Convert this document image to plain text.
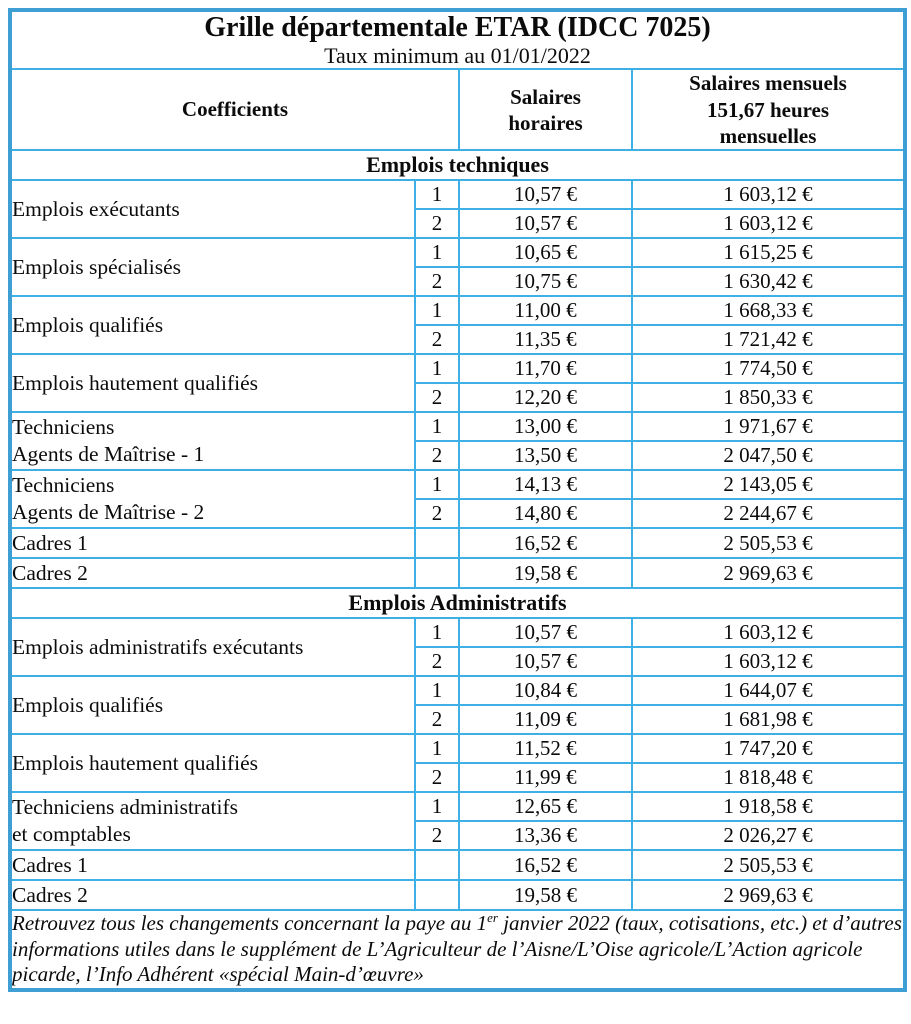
Grille départementale ETAR (IDCC 7025)
Taux minimum au 01/01/2022			

Coefficients		Salaires horaires	Salaires mensuels 151,67 heures mensuelles
Emplois techniques			

Emplois exécutants	1	10,57 €	1 603,12 €
	2	10,57 €	1 603,12 €

Emplois spécialisés	1	10,65 €	1 615,25 €
	2	10,75 €	1 630,42 €

Emplois qualifiés	1	11,00 €	1 668,33 €
	2	11,35 €	1 721,42 €

Emplois hautement qualifiés	1	11,70 €	1 774,50 €
	2	12,20 €	1 850,33 €

Techniciens
Agents de Maîtrise - 1	1	13,00 €	1 971,67 €
	2	13,50 €	2 047,50 €

Techniciens
Agents de Maîtrise - 2	1	14,13 €	2 143,05 €
	2	14,80 €	2 244,67 €

Cadres 1		16,52 €	2 505,53 €

Cadres 2		19,58 €	2 969,63 €
Emplois Administratifs			

Emplois administratifs exécutants	1	10,57 €	1 603,12 €
	2	10,57 €	1 603,12 €

Emplois qualifiés	1	10,84 €	1 644,07 €
	2	11,09 €	1 681,98 €

Emplois hautement qualifiés	1	11,52 €	1 747,20 €
	2	11,99 €	1 818,48 €

Techniciens administratifs
et comptables	1	12,65 €	1 918,58 €
	2	13,36 €	2 026,27 €

Cadres 1		16,52 €	2 505,53 €

Cadres 2		19,58 €	2 969,63 €
Retrouvez tous les changements concernant la paye au 1er janvier 2022 (taux, cotisations, etc.) et d’autres informations utiles dans le supplément de L’Agriculteur de l’Aisne/L’Oise agricole/L’Action agricole picarde, l’Info Adhérent «spécial Main-d’œuvre»			
